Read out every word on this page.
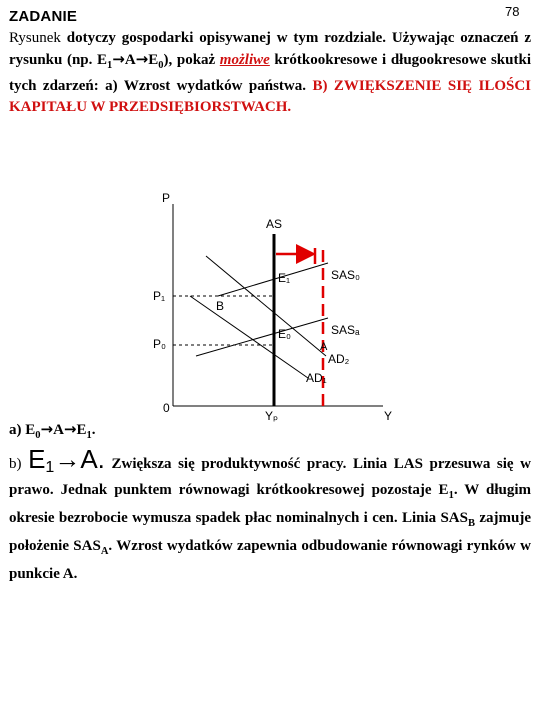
78
ZADANIE
Rysunek dotyczy gospodarki opisywanej w tym rozdziale. Używając oznaczeń z rysunku (np. $E_1\to A\to E_0$), pokaż możliwe krótkookresowe i długookresowe skutki tych zdarzeń: a) Wzrost wydatków państwa. B) ZWIĘKSZENIE SIĘ ILOŚCI KAPITAŁU W PRZEDSIĘBIORSTWACH.
P
AS
SAS₀
SASₐ
E₁
E₀
B
A
AD₂
AD₁
P₁
P₀
0
Yₚ	Y
a) $E_0\to A\to E_1$.
b) $E_1\to A$. Zwiększa się produktywność pracy. Linia LAS przesuwa się w prawo. Jednak punktem równowagi krótkookresowej pozostaje $E_1$. W długim okresie bezrobocie wymusza spadek płac nominalnych i cen. Linia $SAS_B$ zajmuje położenie $SAS_A$. Wzrost wydatków zapewnia odbudowanie równowagi rynków w punkcie A.
